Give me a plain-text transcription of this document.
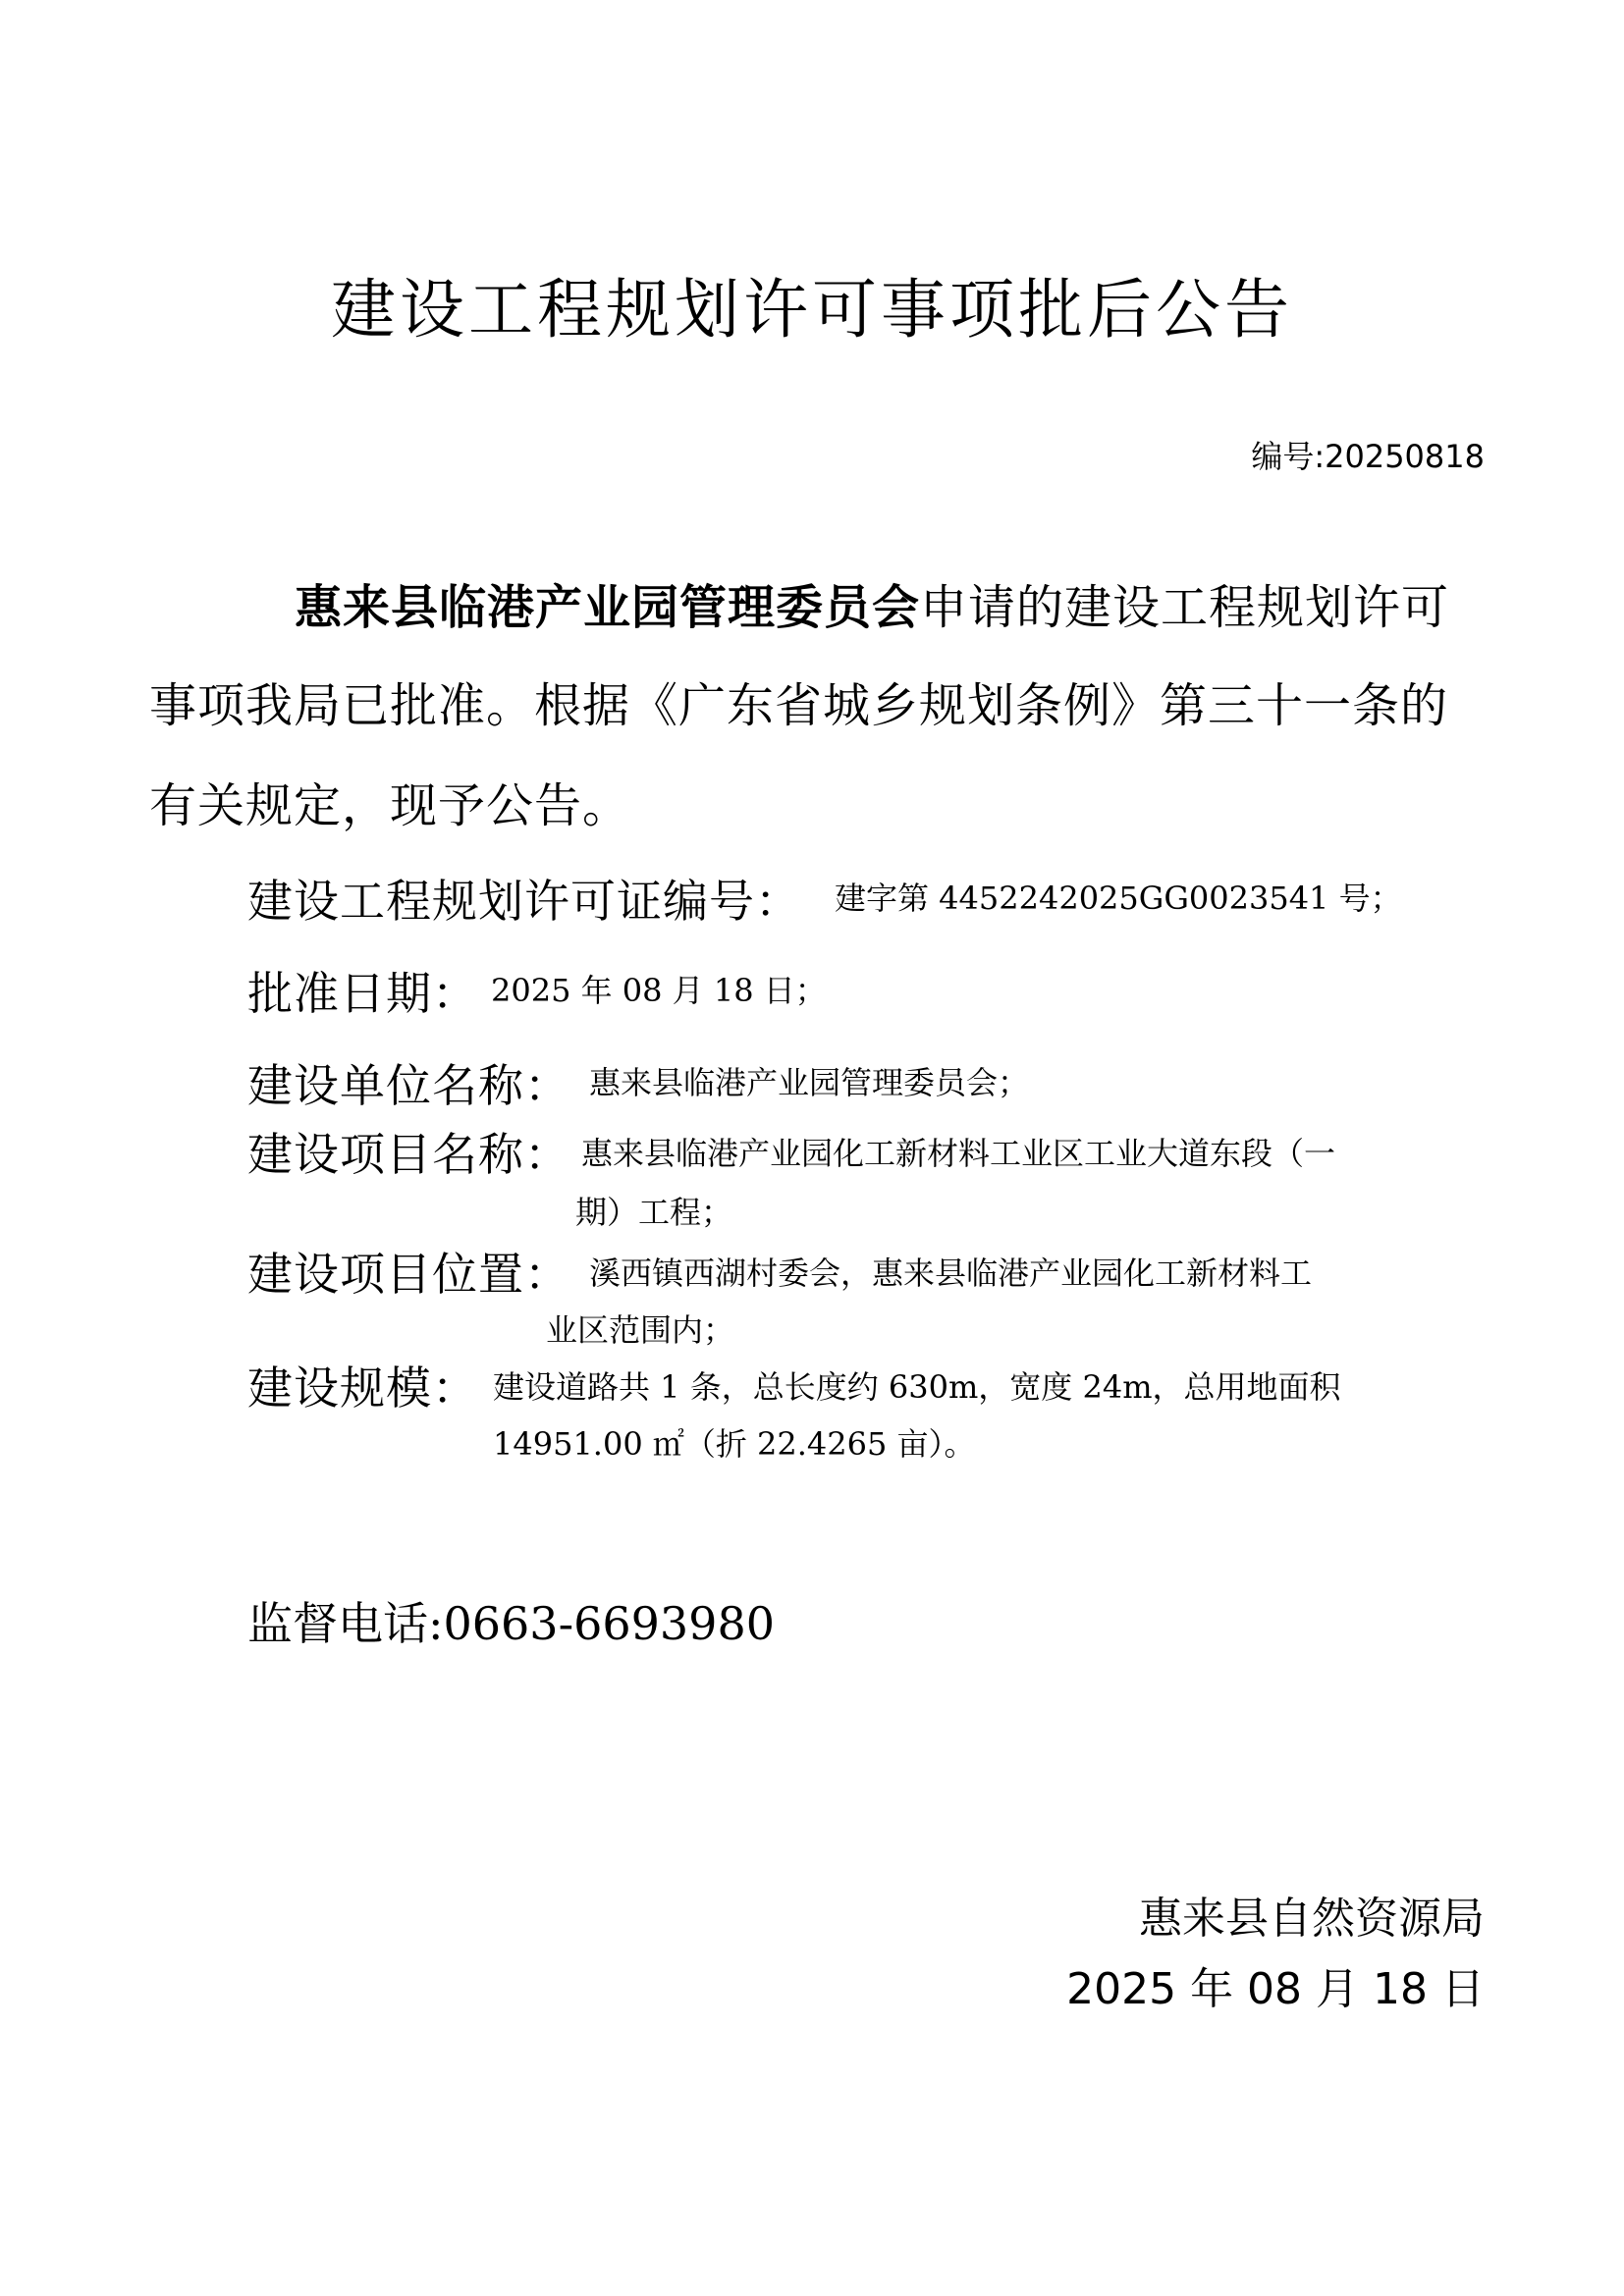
建设工程规划许可事项批后公告
编号:20250818
惠来县临港产业园管理委员会申请的建设工程规划许可
事项我局已批准。根据《广东省城乡规划条例》第三十一条的
有关规定，现予公告。
建设工程规划许可证编号： 建字第 4452242025GG0023541 号；
批准日期： 2025 年 08 月 18 日；
建设单位名称： 惠来县临港产业园管理委员会；
建设项目名称： 惠来县临港产业园化工新材料工业区工业大道东段（一
期）工程；
建设项目位置： 溪西镇西湖村委会，惠来县临港产业园化工新材料工
业区范围内；
建设规模： 建设道路共 1 条，总长度约 630m，宽度 24m，总用地面积
14951.00 ㎡（折 22.4265 亩）。
监督电话:0663-6693980
惠来县自然资源局
2025 年 08 月 18 日
